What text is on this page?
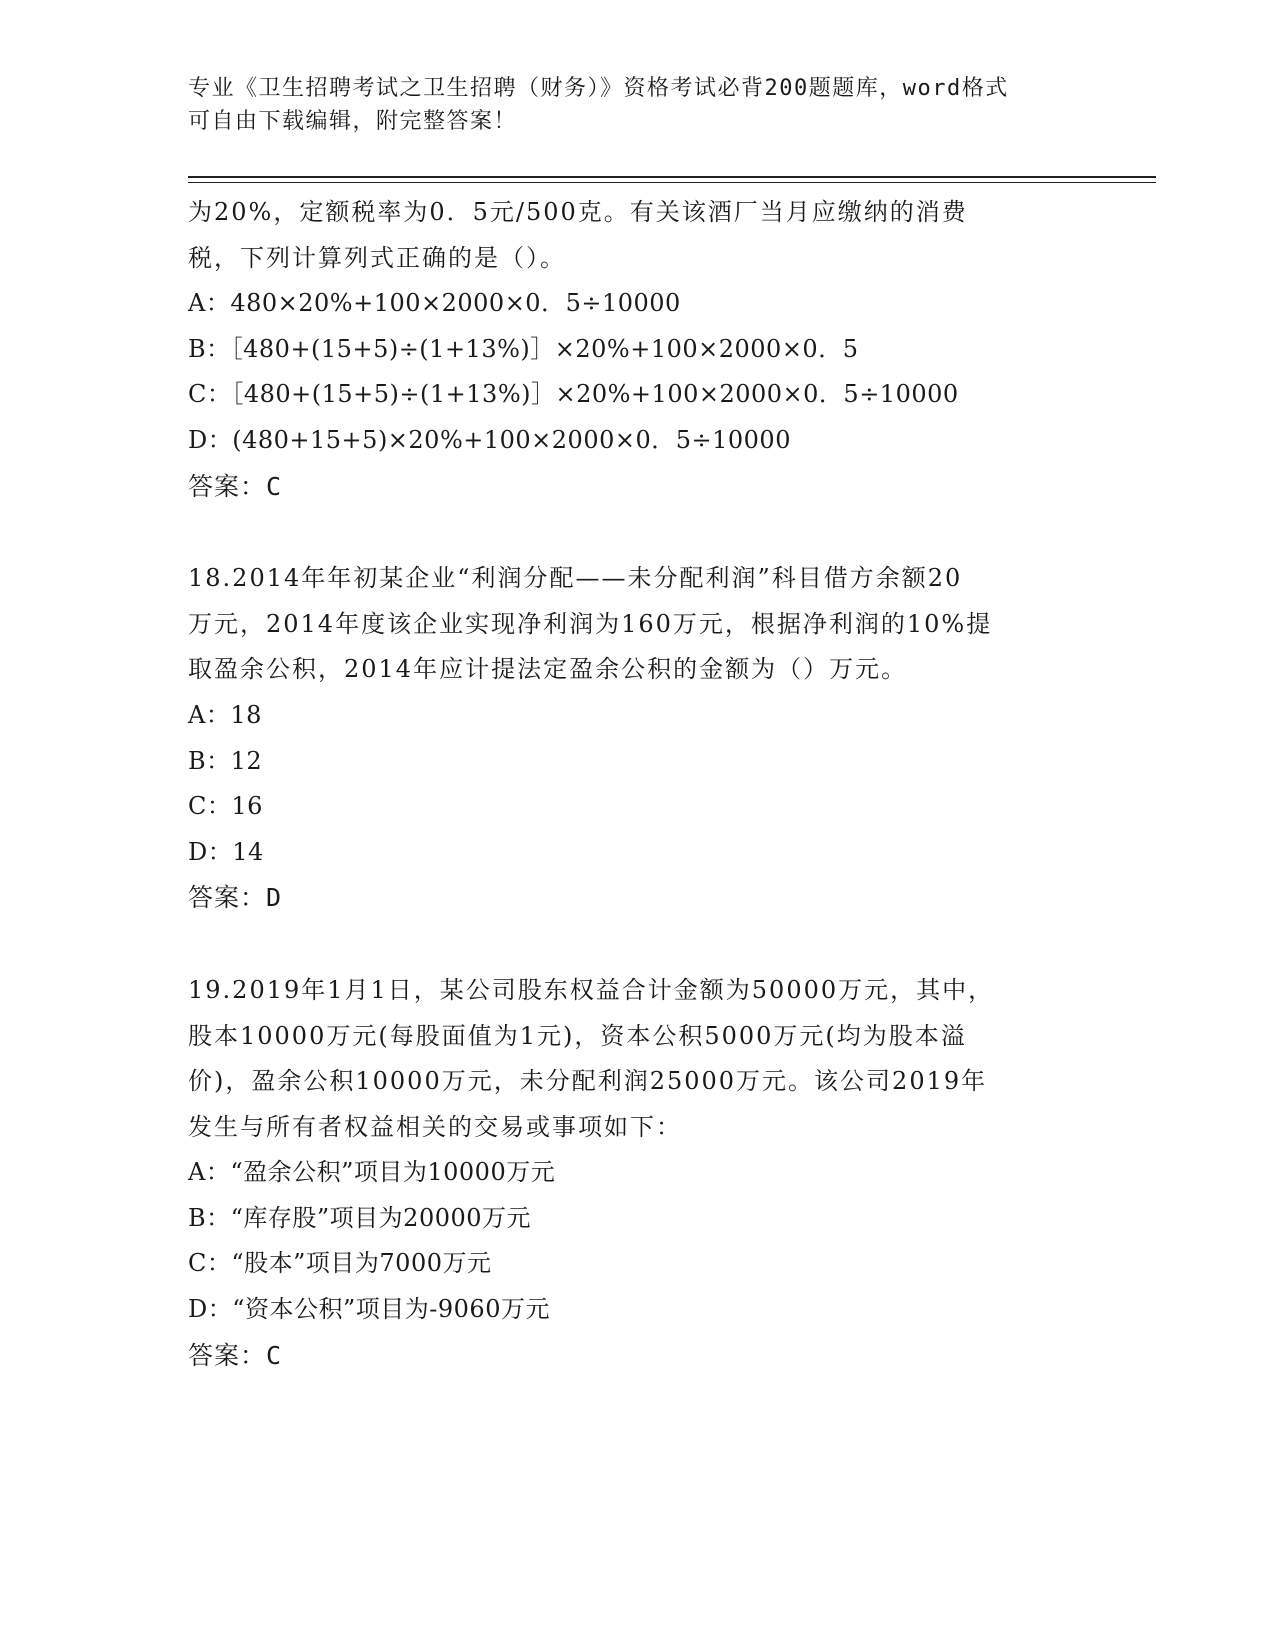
专业《卫生招聘考试之卫生招聘（财务）》资格考试必背200题题库，word格式
可自由下载编辑，附完整答案！
为20%，定额税率为0．5元/500克。有关该酒厂当月应缴纳的消费
税，下列计算列式正确的是（）。
A：480×20%+100×2000×0．5÷10000
B：［480+(15+5)÷(1+13%)］×20%+100×2000×0．5
C：［480+(15+5)÷(1+13%)］×20%+100×2000×0．5÷10000
D：(480+15+5)×20%+100×2000×0．5÷10000
答案：C
18.2014年年初某企业“利润分配——未分配利润”科目借方余额20
万元，2014年度该企业实现净利润为160万元，根据净利润的10%提
取盈余公积，2014年应计提法定盈余公积的金额为（）万元。
A：18
B：12
C：16
D：14
答案：D
19.2019年1月1日，某公司股东权益合计金额为50000万元，其中，
股本10000万元(每股面值为1元)，资本公积5000万元(均为股本溢
价)，盈余公积10000万元，未分配利润25000万元。该公司2019年
发生与所有者权益相关的交易或事项如下：
A：“盈余公积”项目为10000万元
B：“库存股”项目为20000万元
C：“股本”项目为7000万元
D：“资本公积”项目为-9060万元
答案：C
